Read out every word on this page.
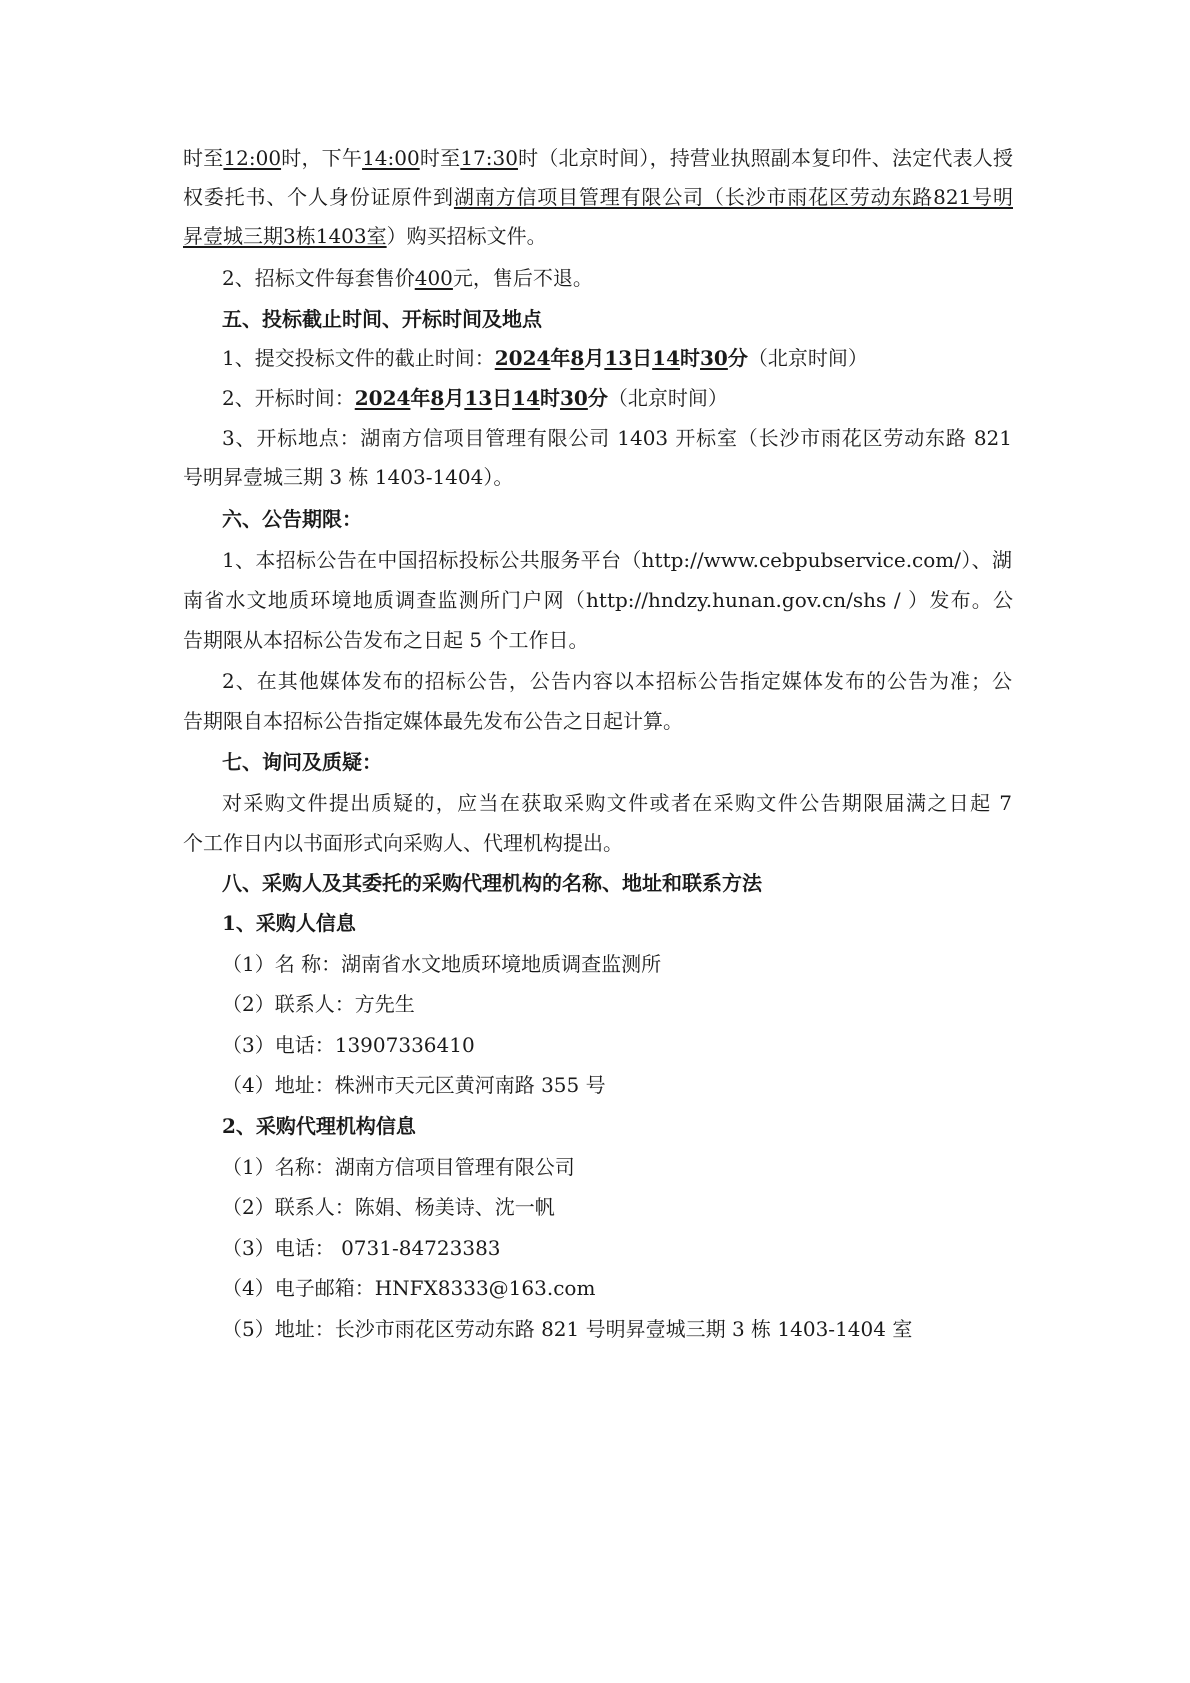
时至12:00时，下午14:00时至17:30时（北京时间），持营业执照副本复印件、法定代表人授
权委托书、个人身份证原件到湖南方信项目管理有限公司（长沙市雨花区劳动东路821号明
昇壹城三期3栋1403室）购买招标文件。
2、招标文件每套售价400元，售后不退。
五、投标截止时间、开标时间及地点
1、提交投标文件的截止时间：2024年8月13日14时30分（北京时间）
2、开标时间：2024年8月13日14时30分（北京时间）
3、开标地点：湖南方信项目管理有限公司 1403 开标室（长沙市雨花区劳动东路 821
号明昇壹城三期 3 栋 1403-1404）。
六、公告期限：
1、本招标公告在中国招标投标公共服务平台（http://www.cebpubservice.com/）、湖
南省水文地质环境地质调查监测所门户网（http://hndzy.hunan.gov.cn/shs / ）发布。公
告期限从本招标公告发布之日起 5 个工作日。
2、在其他媒体发布的招标公告，公告内容以本招标公告指定媒体发布的公告为准；公
告期限自本招标公告指定媒体最先发布公告之日起计算。
七、询问及质疑：
对采购文件提出质疑的，应当在获取采购文件或者在采购文件公告期限届满之日起 7
个工作日内以书面形式向采购人、代理机构提出。
八、采购人及其委托的采购代理机构的名称、地址和联系方法
1、采购人信息
（1）名 称：湖南省水文地质环境地质调查监测所
（2）联系人：方先生
（3）电话：13907336410
（4）地址：株洲市天元区黄河南路 355 号
2、采购代理机构信息
（1）名称：湖南方信项目管理有限公司
（2）联系人：陈娟、杨美诗、沈一帆
（3）电话： 0731-84723383
（4）电子邮箱：HNFX8333@163.com
（5）地址：长沙市雨花区劳动东路 821 号明昇壹城三期 3 栋 1403-1404 室
